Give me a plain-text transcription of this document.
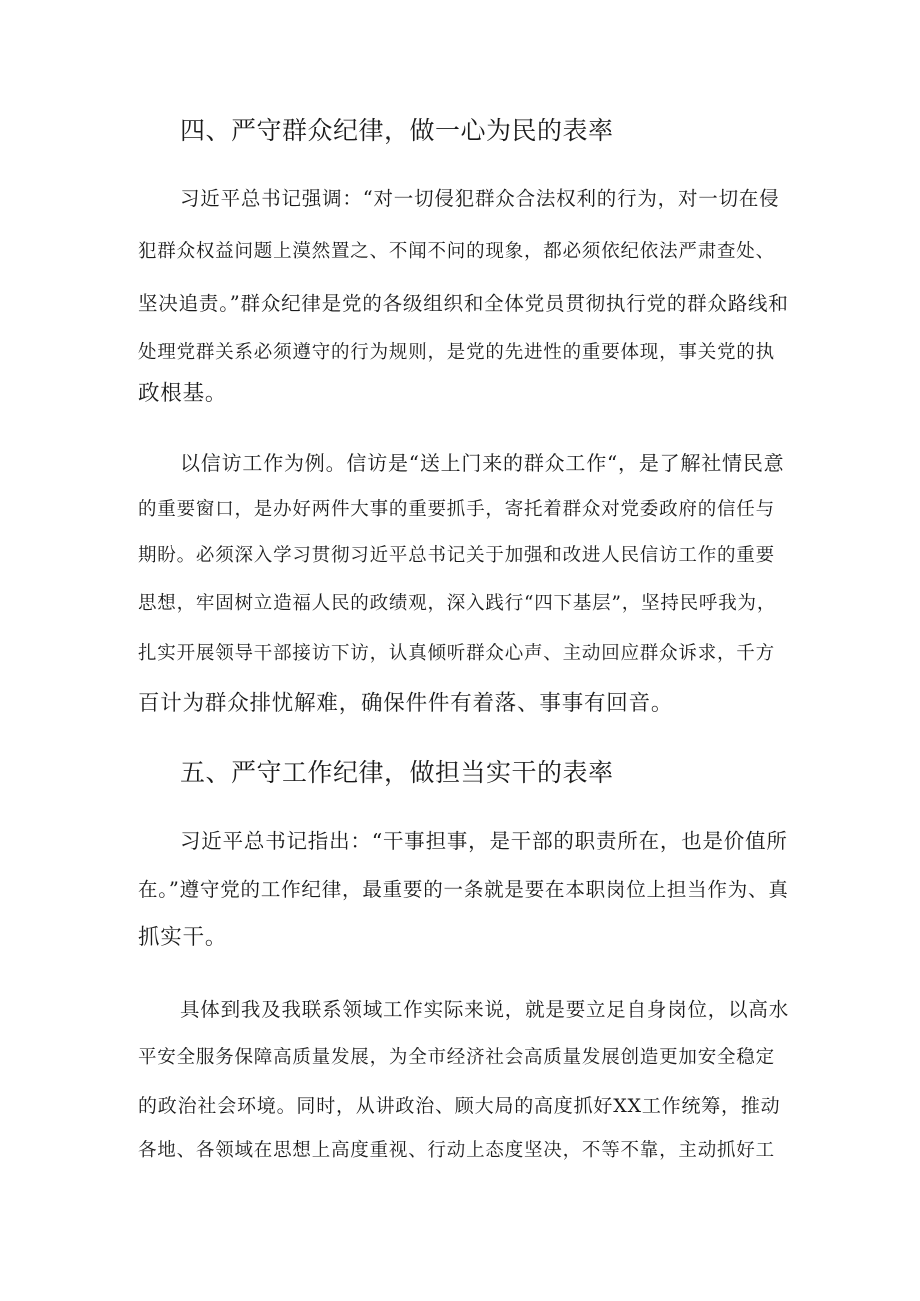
四、严守群众纪律，做一心为民的表率
习近平总书记强调：“对一切侵犯群众合法权利的行为，对一切在侵
犯群众权益问题上漠然置之、不闻不问的现象，都必须依纪依法严肃查处、
坚决追责。”群众纪律是党的各级组织和全体党员贯彻执行党的群众路线和
处理党群关系必须遵守的行为规则，是党的先进性的重要体现，事关党的执
政根基。
以信访工作为例。信访是“送上门来的群众工作“，是了解社情民意
的重要窗口，是办好两件大事的重要抓手，寄托着群众对党委政府的信任与
期盼。必须深入学习贯彻习近平总书记关于加强和改进人民信访工作的重要
思想，牢固树立造福人民的政绩观，深入践行“四下基层”，坚持民呼我为，
扎实开展领导干部接访下访，认真倾听群众心声、主动回应群众诉求，千方
百计为群众排忧解难，确保件件有着落、事事有回音。
五、严守工作纪律，做担当实干的表率
习近平总书记指出：“干事担事，是干部的职责所在，也是价值所
在。”遵守党的工作纪律，最重要的一条就是要在本职岗位上担当作为、真
抓实干。
具体到我及我联系领域工作实际来说，就是要立足自身岗位，以高水
平安全服务保障高质量发展，为全市经济社会高质量发展创造更加安全稳定
的政治社会环境。同时，从讲政治、顾大局的高度抓好XX工作统筹，推动
各地、各领域在思想上高度重视、行动上态度坚决，不等不靠，主动抓好工
